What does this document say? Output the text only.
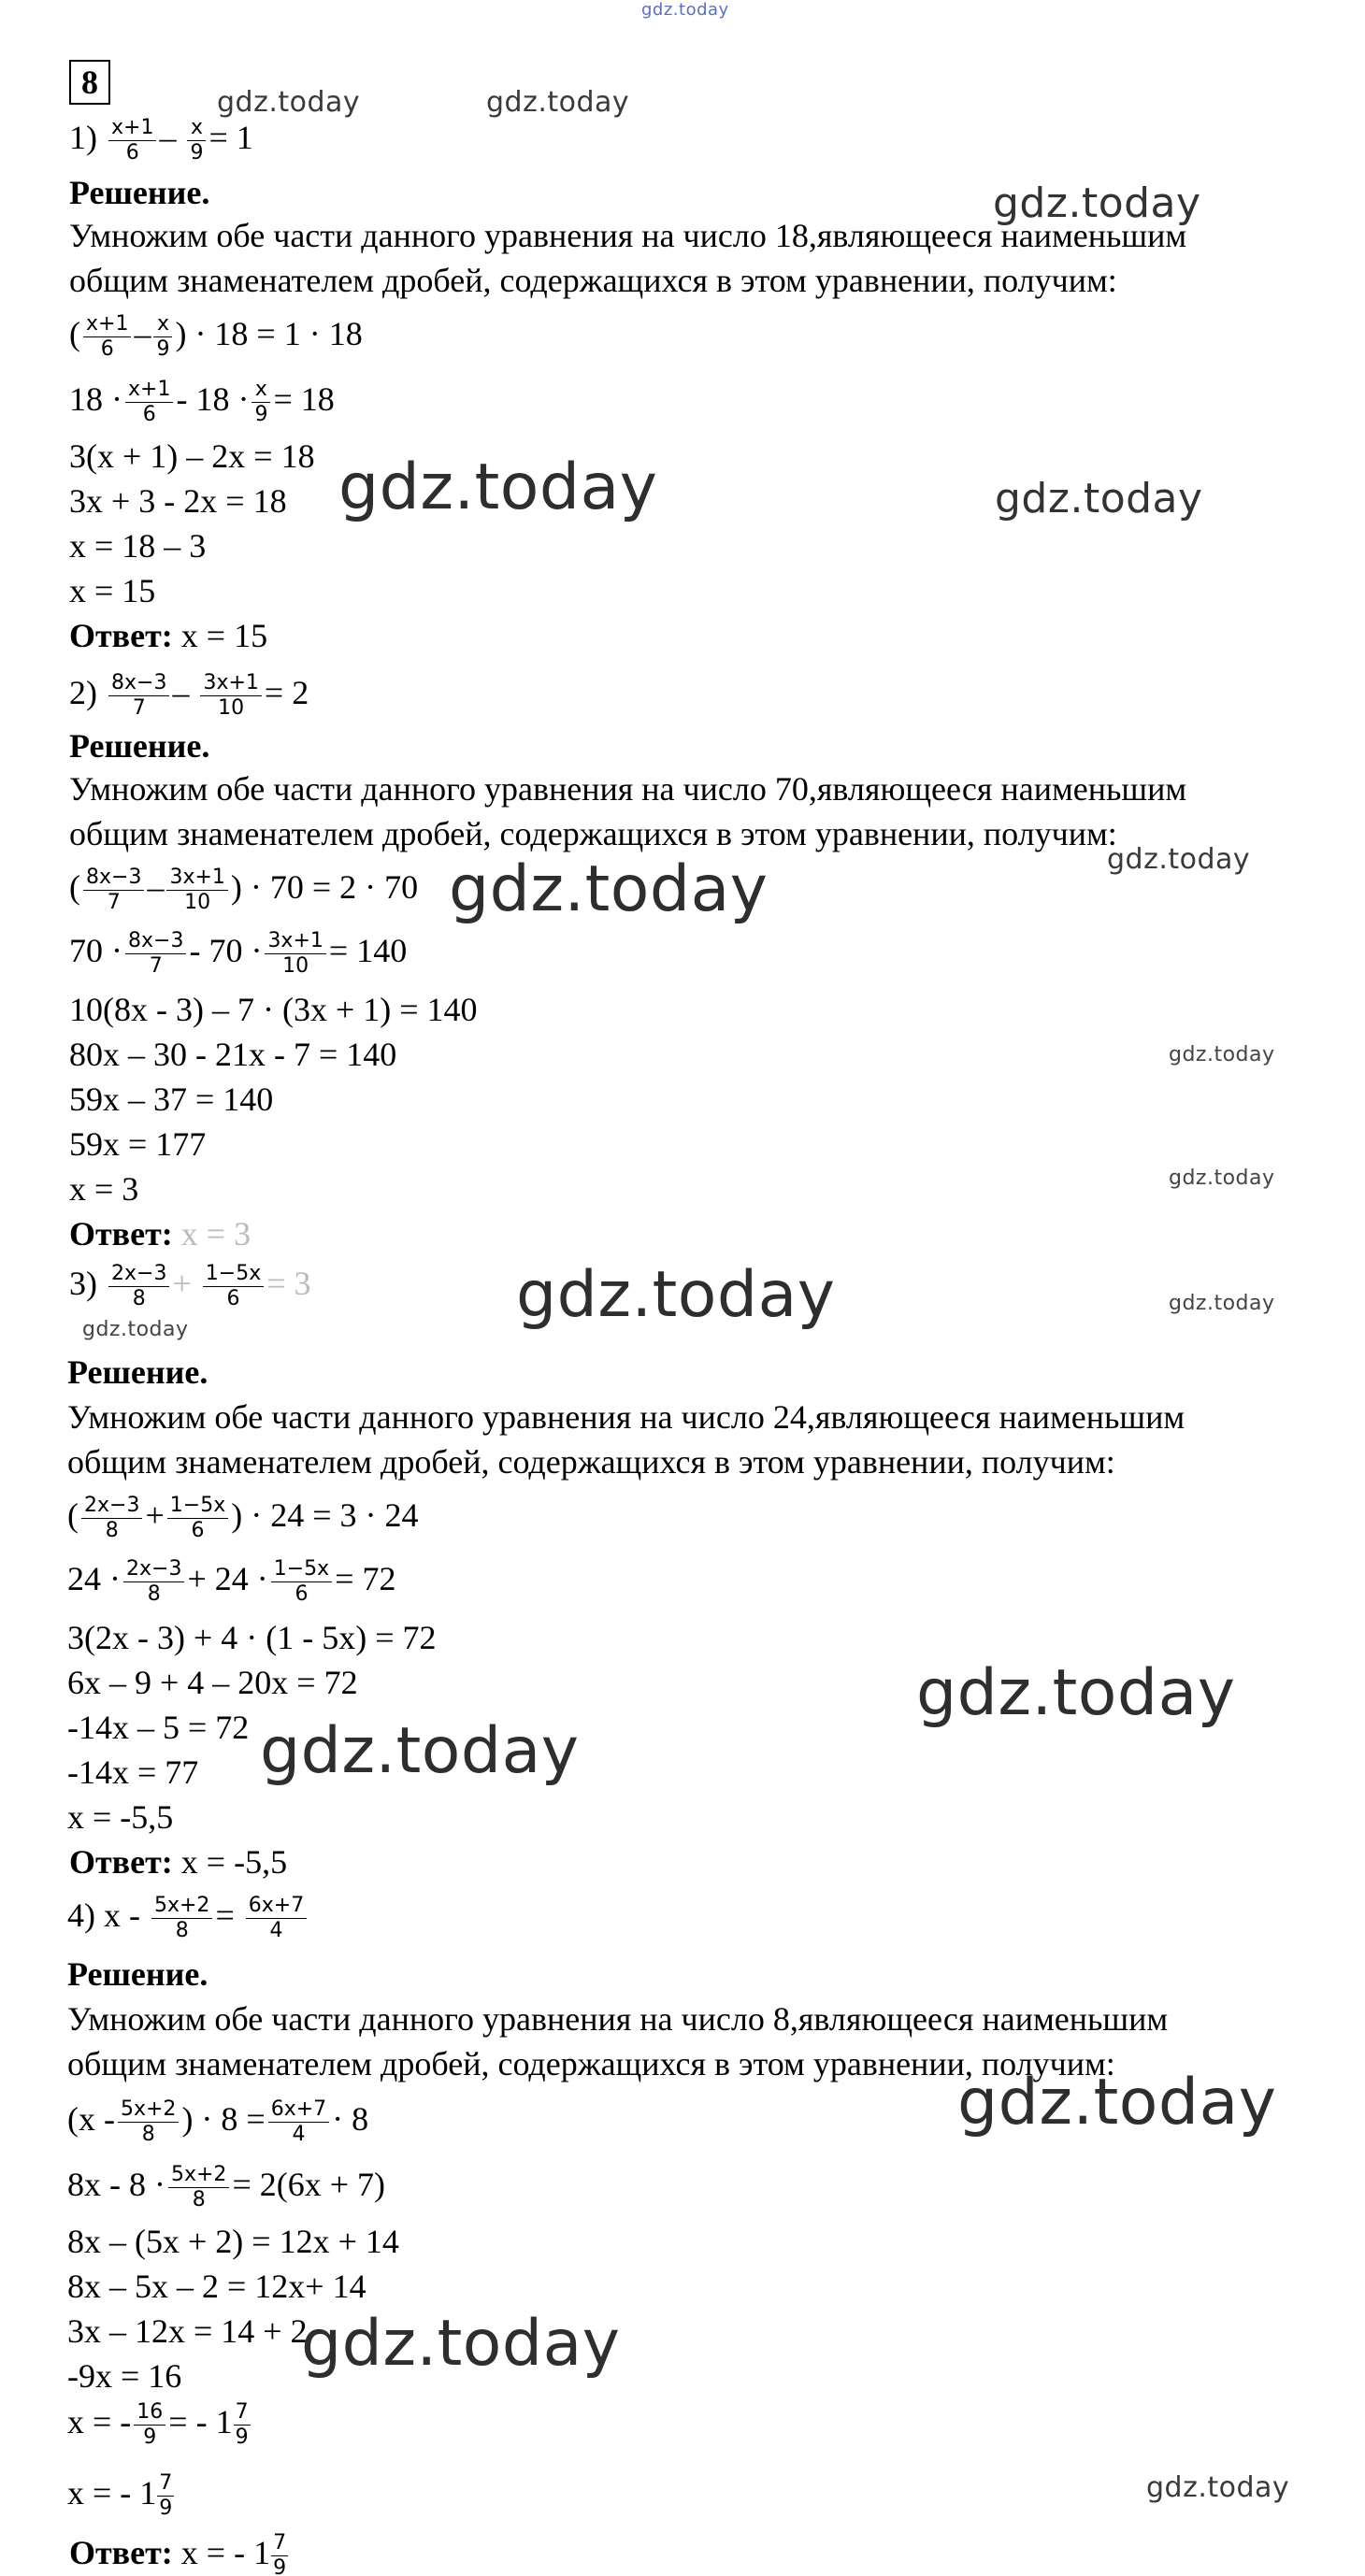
gdz.today
8
$1) \frac{x+1}{6} - \frac{x}{9} = 1$
Решение.
Умножим обе части данного уравнения на число 18,являющееся наименьшим
общим знаменателем дробей, содержащихся в этом уравнении, получим:
( $\frac{x+1}{6} - \frac{x}{9}$ ) · 18 = 1 · 18
$18 \cdot \frac{x+1}{6} - 18 \cdot \frac{x}{9} = 18$
3(x + 1) – 2x = 18
3x + 3 - 2x = 18
x = 18 – 3
x = 15
Ответ: x = 15
$2) \frac{8x-3}{7} - \frac{3x+1}{10} = 2$
Решение.
Умножим обе части данного уравнения на число 70,являющееся наименьшим
общим знаменателем дробей, содержащихся в этом уравнении, получим:
( $\frac{8x-3}{7} - \frac{3x+1}{10}$ ) · 70 = 2 · 70
$70 \cdot \frac{8x-3}{7} - 70 \cdot \frac{3x+1}{10} = 140$
10(8x - 3) – 7 · (3x + 1) = 140
80x – 30 - 21x - 7 = 140
59x – 37 = 140
59x = 177
x = 3
Ответ: x = 3
$3) \frac{2x-3}{8} + \frac{1-5x}{6} = 3$
Решение.
Умножим обе части данного уравнения на число 24,являющееся наименьшим
общим знаменателем дробей, содержащихся в этом уравнении, получим:
( $\frac{2x-3}{8} + \frac{1-5x}{6}$ ) · 24 = 3 · 24
$24 \cdot \frac{2x-3}{8} + 24 \cdot \frac{1-5x}{6} = 72$
3(2x - 3) + 4 · (1 - 5x) = 72
6x – 9 + 4 – 20x = 72
-14x – 5 = 72
-14x = 77
x = -5,5
Ответ: x = -5,5
4) $x - \frac{5x+2}{8} = \frac{6x+7}{4}$
Решение.
Умножим обе части данного уравнения на число 8,являющееся наименьшим
общим знаменателем дробей, содержащихся в этом уравнении, получим:
($x - \frac{5x+2}{8}$ ) · $8 = \frac{6x+7}{4} \cdot 8$
$8x - 8 \cdot \frac{5x+2}{8} = 2(6x + 7)$
8x – (5x + 2) = 12x + 14
8x – 5x – 2 = 12x+ 14
3x – 12x = 14 + 2
-9x = 16
x = - $\frac{16}{9}$ = - $1 \frac{7}{9}$
x = - $1 \frac{7}{9}$
Ответ: x = - $1 \frac{7}{9}$
gdz.today	gdz.today
gdz.today
gdz.today	gdz.today
gdz.today
gdz.today
gdz.today
gdz.today
gdz.today	gdz.today
gdz.today
gdz.today
gdz.today
gdz.today
gdz.today
gdz.today
